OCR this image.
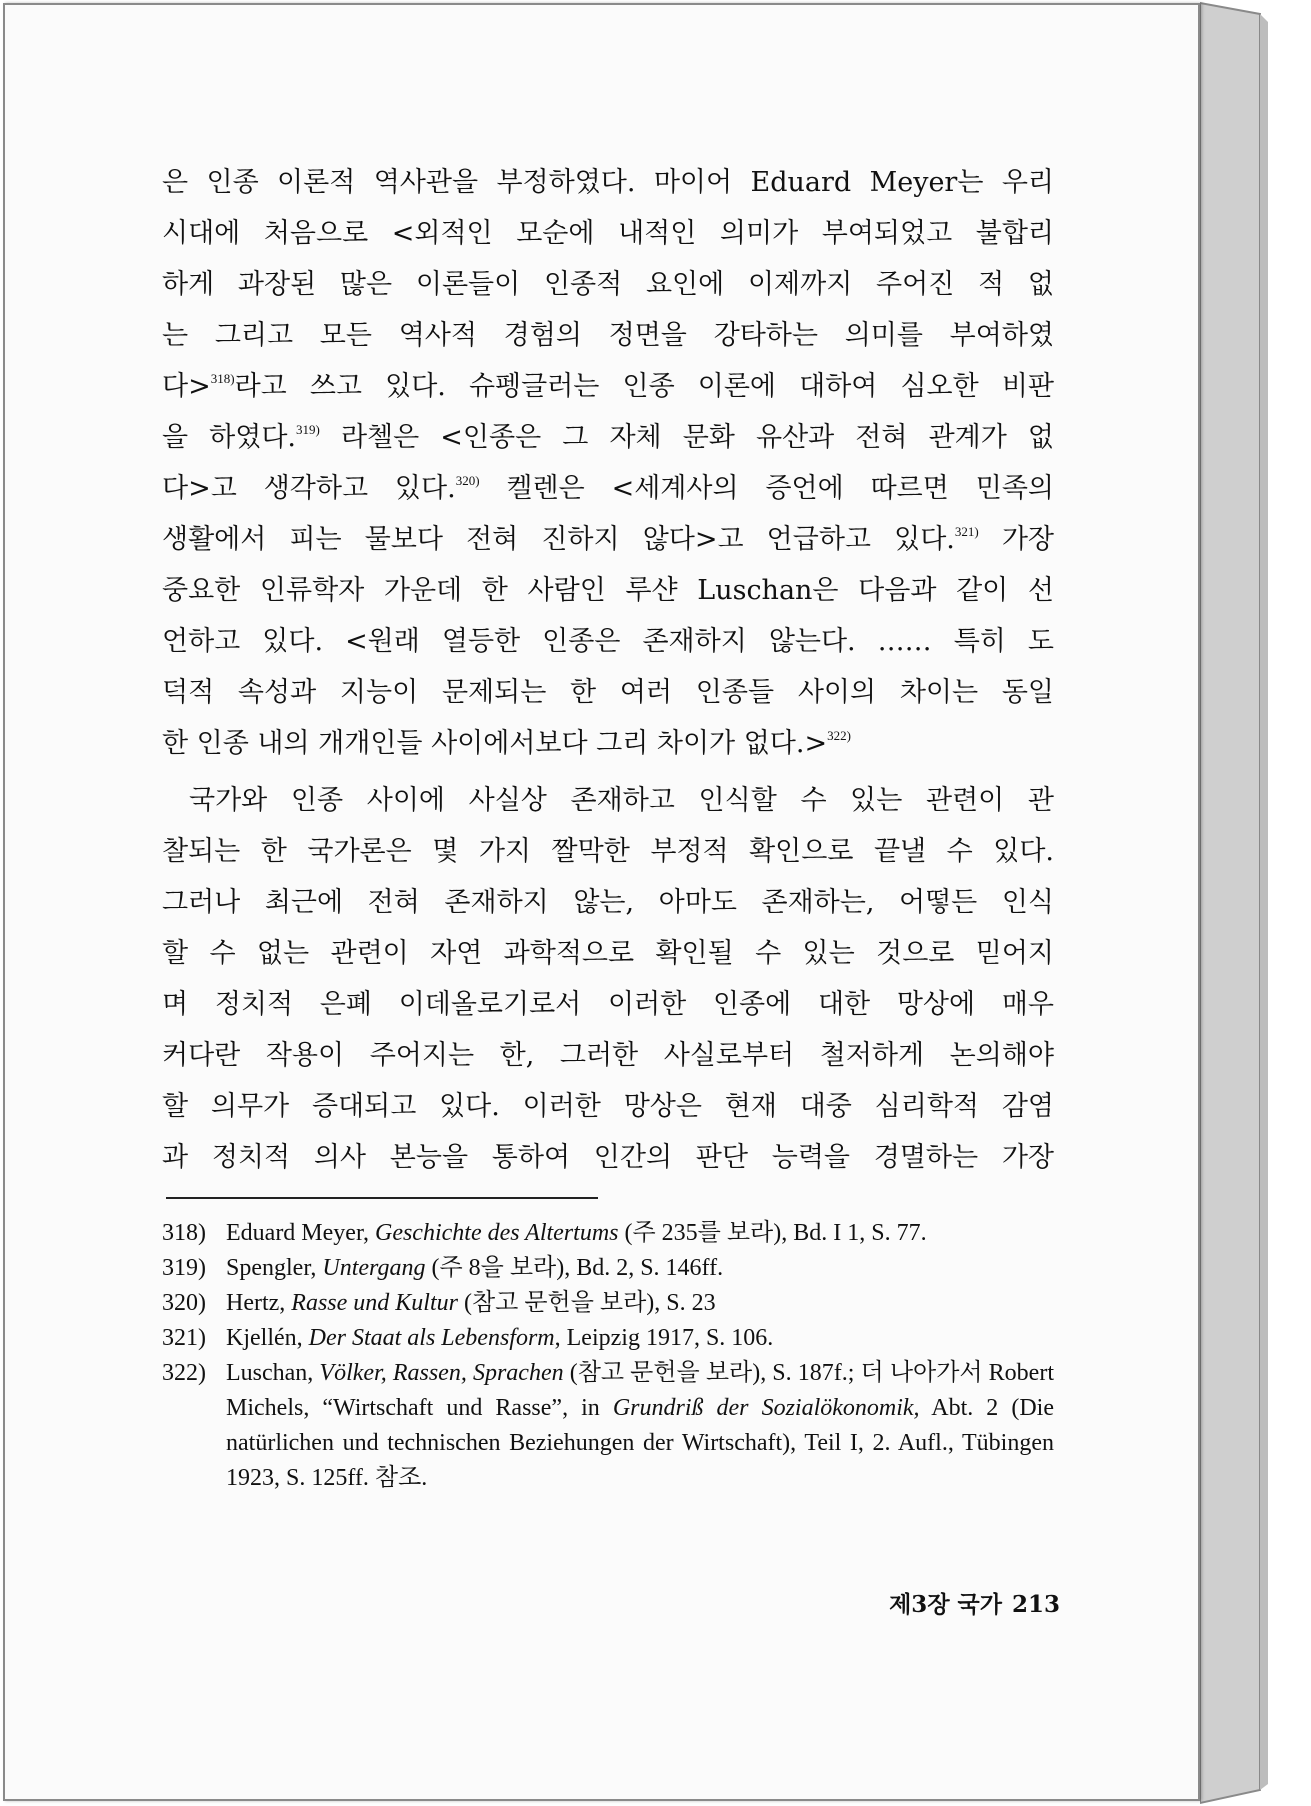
은 인종 이론적 역사관을 부정하였다. 마이어 Eduard Meyer는 우리
시대에 처음으로 <외적인 모순에 내적인 의미가 부여되었고 불합리
하게 과장된 많은 이론들이 인종적 요인에 이제까지 주어진 적 없
는 그리고 모든 역사적 경험의 정면을 강타하는 의미를 부여하였
다>$^{318)}$라고 쓰고 있다. 슈펭글러는 인종 이론에 대하여 심오한 비판
을 하였다.$^{319)}$ 라첼은 <인종은 그 자체 문화 유산과 전혀 관계가 없
다>고 생각하고 있다.$^{320)}$ 켈렌은 <세계사의 증언에 따르면 민족의
생활에서 피는 물보다 전혀 진하지 않다>고 언급하고 있다.$^{321)}$ 가장
중요한 인류학자 가운데 한 사람인 루샨 Luschan은 다음과 같이 선
언하고 있다. <원래 열등한 인종은 존재하지 않는다. …… 특히 도
덕적 속성과 지능이 문제되는 한 여러 인종들 사이의 차이는 동일
한 인종 내의 개개인들 사이에서보다 그리 차이가 없다.>$^{322)}$
국가와 인종 사이에 사실상 존재하고 인식할 수 있는 관련이 관
찰되는 한 국가론은 몇 가지 짤막한 부정적 확인으로 끝낼 수 있다.
그러나 최근에 전혀 존재하지 않는, 아마도 존재하는, 어떻든 인식
할 수 없는 관련이 자연 과학적으로 확인될 수 있는 것으로 믿어지
며 정치적 은폐 이데올로기로서 이러한 인종에 대한 망상에 매우
커다란 작용이 주어지는 한, 그러한 사실로부터 철저하게 논의해야
할 의무가 증대되고 있다. 이러한 망상은 현재 대중 심리학적 감염
과 정치적 의사 본능을 통하여 인간의 판단 능력을 경멸하는 가장
318) Eduard Meyer, Geschichte des Altertums (주 235를 보라), Bd. I 1, S. 77.
319) Spengler, Untergang (주 8을 보라), Bd. 2, S. 146ff.
320) Hertz, Rasse und Kultur (참고 문헌을 보라), S. 23
321) Kjellén, Der Staat als Lebensform, Leipzig 1917, S. 106.
322) Luschan, Völker, Rassen, Sprachen (참고 문헌을 보라), S. 187f.; 더 나아가서 Robert Michels, “Wirtschaft und Rasse”, in Grundriß der Sozialökonomik, Abt. 2 (Die natürlichen und technischen Beziehungen der Wirtschaft), Teil I, 2. Aufl., Tübingen 1923, S. 125ff. 참조.
제3장 국가 213
